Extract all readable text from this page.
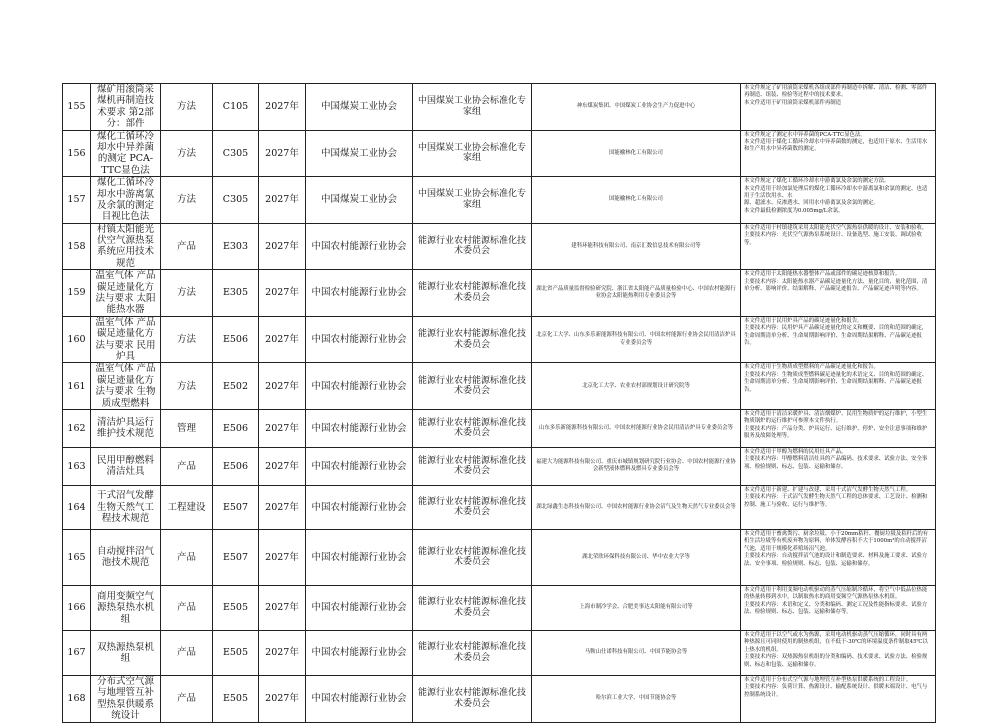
155	煤矿用滚筒采煤机再制造技术要求 第2部分：部件	方法	C105	2027年	中国煤炭工业协会	中国煤炭工业协会标准化专家组	神东煤炭集团、中国煤炭工业协会生产力促进中心	本文件规定了矿用滚筒采煤机各组成部件再制造中拆解、清洁、检测、零部件再制造、组装、检验等过程中的技术要求。
本文件适用于矿用滚筒采煤机部件再制造

156	煤化工循环冷却水中异养菌的测定 PCA-TTC显色法	方法	C305	2027年	中国煤炭工业协会	中国煤炭工业协会标准化专家组	国能榆林化工有限公司	本文件规定了测定水中异养菌的PCA-TTC显色法。
本文件适用于煤化工循环冷却水中异养菌数的测定，也适用于原水、生活用水和生产用水中异养菌数的测定。

157	煤化工循环冷却水中游离氯及余氯的测定 目视比色法	方法	C305	2027年	中国煤炭工业协会	中国煤炭工业协会标准化专家组	国能榆林化工有限公司	本文件规定了煤化工循环冷却水中游离氯及余氯的测定方法。
本文件适用于经加氯处理后的煤化工循环冷却水中游离氯和余氯的测定，也适用于生活饮用水、水
源、超滤水、反渗透水、回用水中游离氯及余氯的测定。
本文件最低检测浓度为0.005mg/L余氯。

158	村镇太阳能光伏空气源热泵系统应用技术规范	产品	E303	2027年	中国农村能源行业协会	能源行业农村能源标准化技术委员会	建科环能科技有限公司、南京汇数信息技术有限公司等	本文件适用于村镇建筑采用太阳能光伏空气源热泵供暖的设计、安装和验收。
主要技术内容：光伏空气源热泵系统设计、设备选型、施工安装、调试验收等。

159	温室气体 产品碳足迹量化方法与要求 太阳能热水器	方法	E305	2027年	中国农村能源行业协会	能源行业农村能源标准化技术委员会	湖北省产品质量监督检验研究院、浙江省太阳能产品质量检验中心、中国农村能源行业协会太阳能热利用专业委员会等	本文件适用于太阳能热水器整体产品或部件的碳足迹核算和报告。
主要技术内容：太阳能热水器产品碳足迹量化方法、量化目的、量化范围、清单分析、影响评价、结果解释、产品碳足迹报告、产品碳足迹声明等内容。

160	温室气体 产品碳足迹量化方法与要求 民用炉具	方法	E506	2027年	中国农村能源行业协会	能源行业农村能源标准化技术委员会	北京化工大学、山东多乐新能源科技有限公司、中国农村能源行业协会民用清洁炉具专业委员会等	本文件适用于民用炉具产品的碳足迹量化和报告。
主要技术内容：民用炉具产品碳足迹量化的定义和概要、目的和范围的确定，生命周期清单分析、生命周期影响评价、生命周期结果解释、产品碳足迹报告。

161	温室气体 产品碳足迹量化方法与要求 生物质成型燃料	方法	E502	2027年	中国农村能源行业协会	能源行业农村能源标准化技术委员会	北京化工大学、农业农村部规划设计研究院等	本文件适用于生物质成型燃料的产品碳足迹量化和报告。
主要技术内容：生物质成型燃料碳足迹量化的术语定义、目的和范围的确定、生命周期清单分析、生命周期影响评价、生命周期结果解释、产品碳足迹报告。

162	清洁炉具运行维护技术规范	管理	E506	2027年	中国农村能源行业协会	能源行业农村能源标准化技术委员会	山东多乐新能源科技有限公司、中国农村能源行业协会民用清洁炉具专业委员会等	本文件适用于清洁采暖炉具、清洁烟煤炉、民用生物质炉的运行维护，小型生物质锅炉的运行维护可参照本文件执行。
主要技术内容：产品分类、炉具运行、运行维护、停炉、安全注意事项和维护服务及故障处理等。

163	民用甲醇燃料清洁灶具	产品	E506	2027年	中国农村能源行业协会	能源行业农村能源标准化技术委员会	福建大为能源科技有限公司、重庆市城镇规划研究院行业协会、中国农村能源行业协会新型液体燃料及燃具专业委员会等	本文件适用于甲醇为燃料的民用灶具产品。
主要技术内容：甲醇燃料清洁灶具的产品编码、技术要求、试验方法、安全事项、检验规则、标志、包装、运输和储存。

164	干式沼气发酵生物天然气工程技术规范	工程建设	E507	2027年	中国农村能源行业协会	能源行业农村能源标准化技术委员会	湖北绿鑫生态科技有限公司、中国农村能源行业协会沼气及生物天然气专业委员会等	本文件适用于新建、扩建与改建、采用干式沼气发酵生物天然气工程。
主要技术内容：干式沼气发酵生物天然气工程的总体要求、工艺设计、检测和控制、施工与验收、运行与维护等。

165	自动搅拌沼气池技术规范	产品	E507	2027年	中国农村能源行业协会	能源行业农村能源标准化技术委员会	湖北荣欣环保科技有限公司、华中农业大学等	本文件适用于畜禽粪污、厨余垃圾、小于20mm秸秆、餐厨垃圾及秸秆后的有机生活垃圾等有机废弃物为原料，单体发酵容积不大于1000m³的自动搅拌沼气池，适用于规模化养殖场沼气池。
主要技术内容：自动搅拌沼气池的设计和制造要求、材料及施工要求、试验方法、安全事项、检验规则、标志、包装、运输和储存。

166	商用变频空气源热泵热水机组	产品	E505	2027年	中国农村能源行业协会	能源行业农村能源标准化技术委员会	上海市制冷学会、合肥美事达太阳能有限公司等	本文件适用于利用变频电动机驱动的蒸气压缩制冷循环，将空气中低品位热能的热量转移到水中，以制取热水的商用变频空气源热泵热水机组。
主要技术内容：术语和定义、分类和编码、测定工况及性能指标要求、试验方法、检验规则、标志、包装、运输和储存等。

167	双热源热泵机组	产品	E505	2027年	中国农村能源行业协会	能源行业农村能源标准化技术委员会	马鞍山仕诺科技有限公司、中国节能协会等	本文件适用于以空气或水为热源，采用电动机驱动蒸气压缩循环，同时具有两种热源且可同时使用的制热机组，在不低于-30℃的环境温度条件制取45℃以上热水的机组。
主要技术内容：双热源热泵机组的分类和编码、技术要求、试验方法、检验规则、标志和包装、运输和储存。

168	分布式空气源与地埋管互补型热泵供暖系统设计	产品	E505	2027年	中国农村能源行业协会	能源行业农村能源标准化技术委员会	哈尔滨工业大学、中国节能协会等	本文件适用于分布式空气源与地埋管互补型热泵供暖系统的工程设计。
主要技术内容：负荷计算、热源设计、输配系统设计、供暖末端设计、电气与控制系统设计。
